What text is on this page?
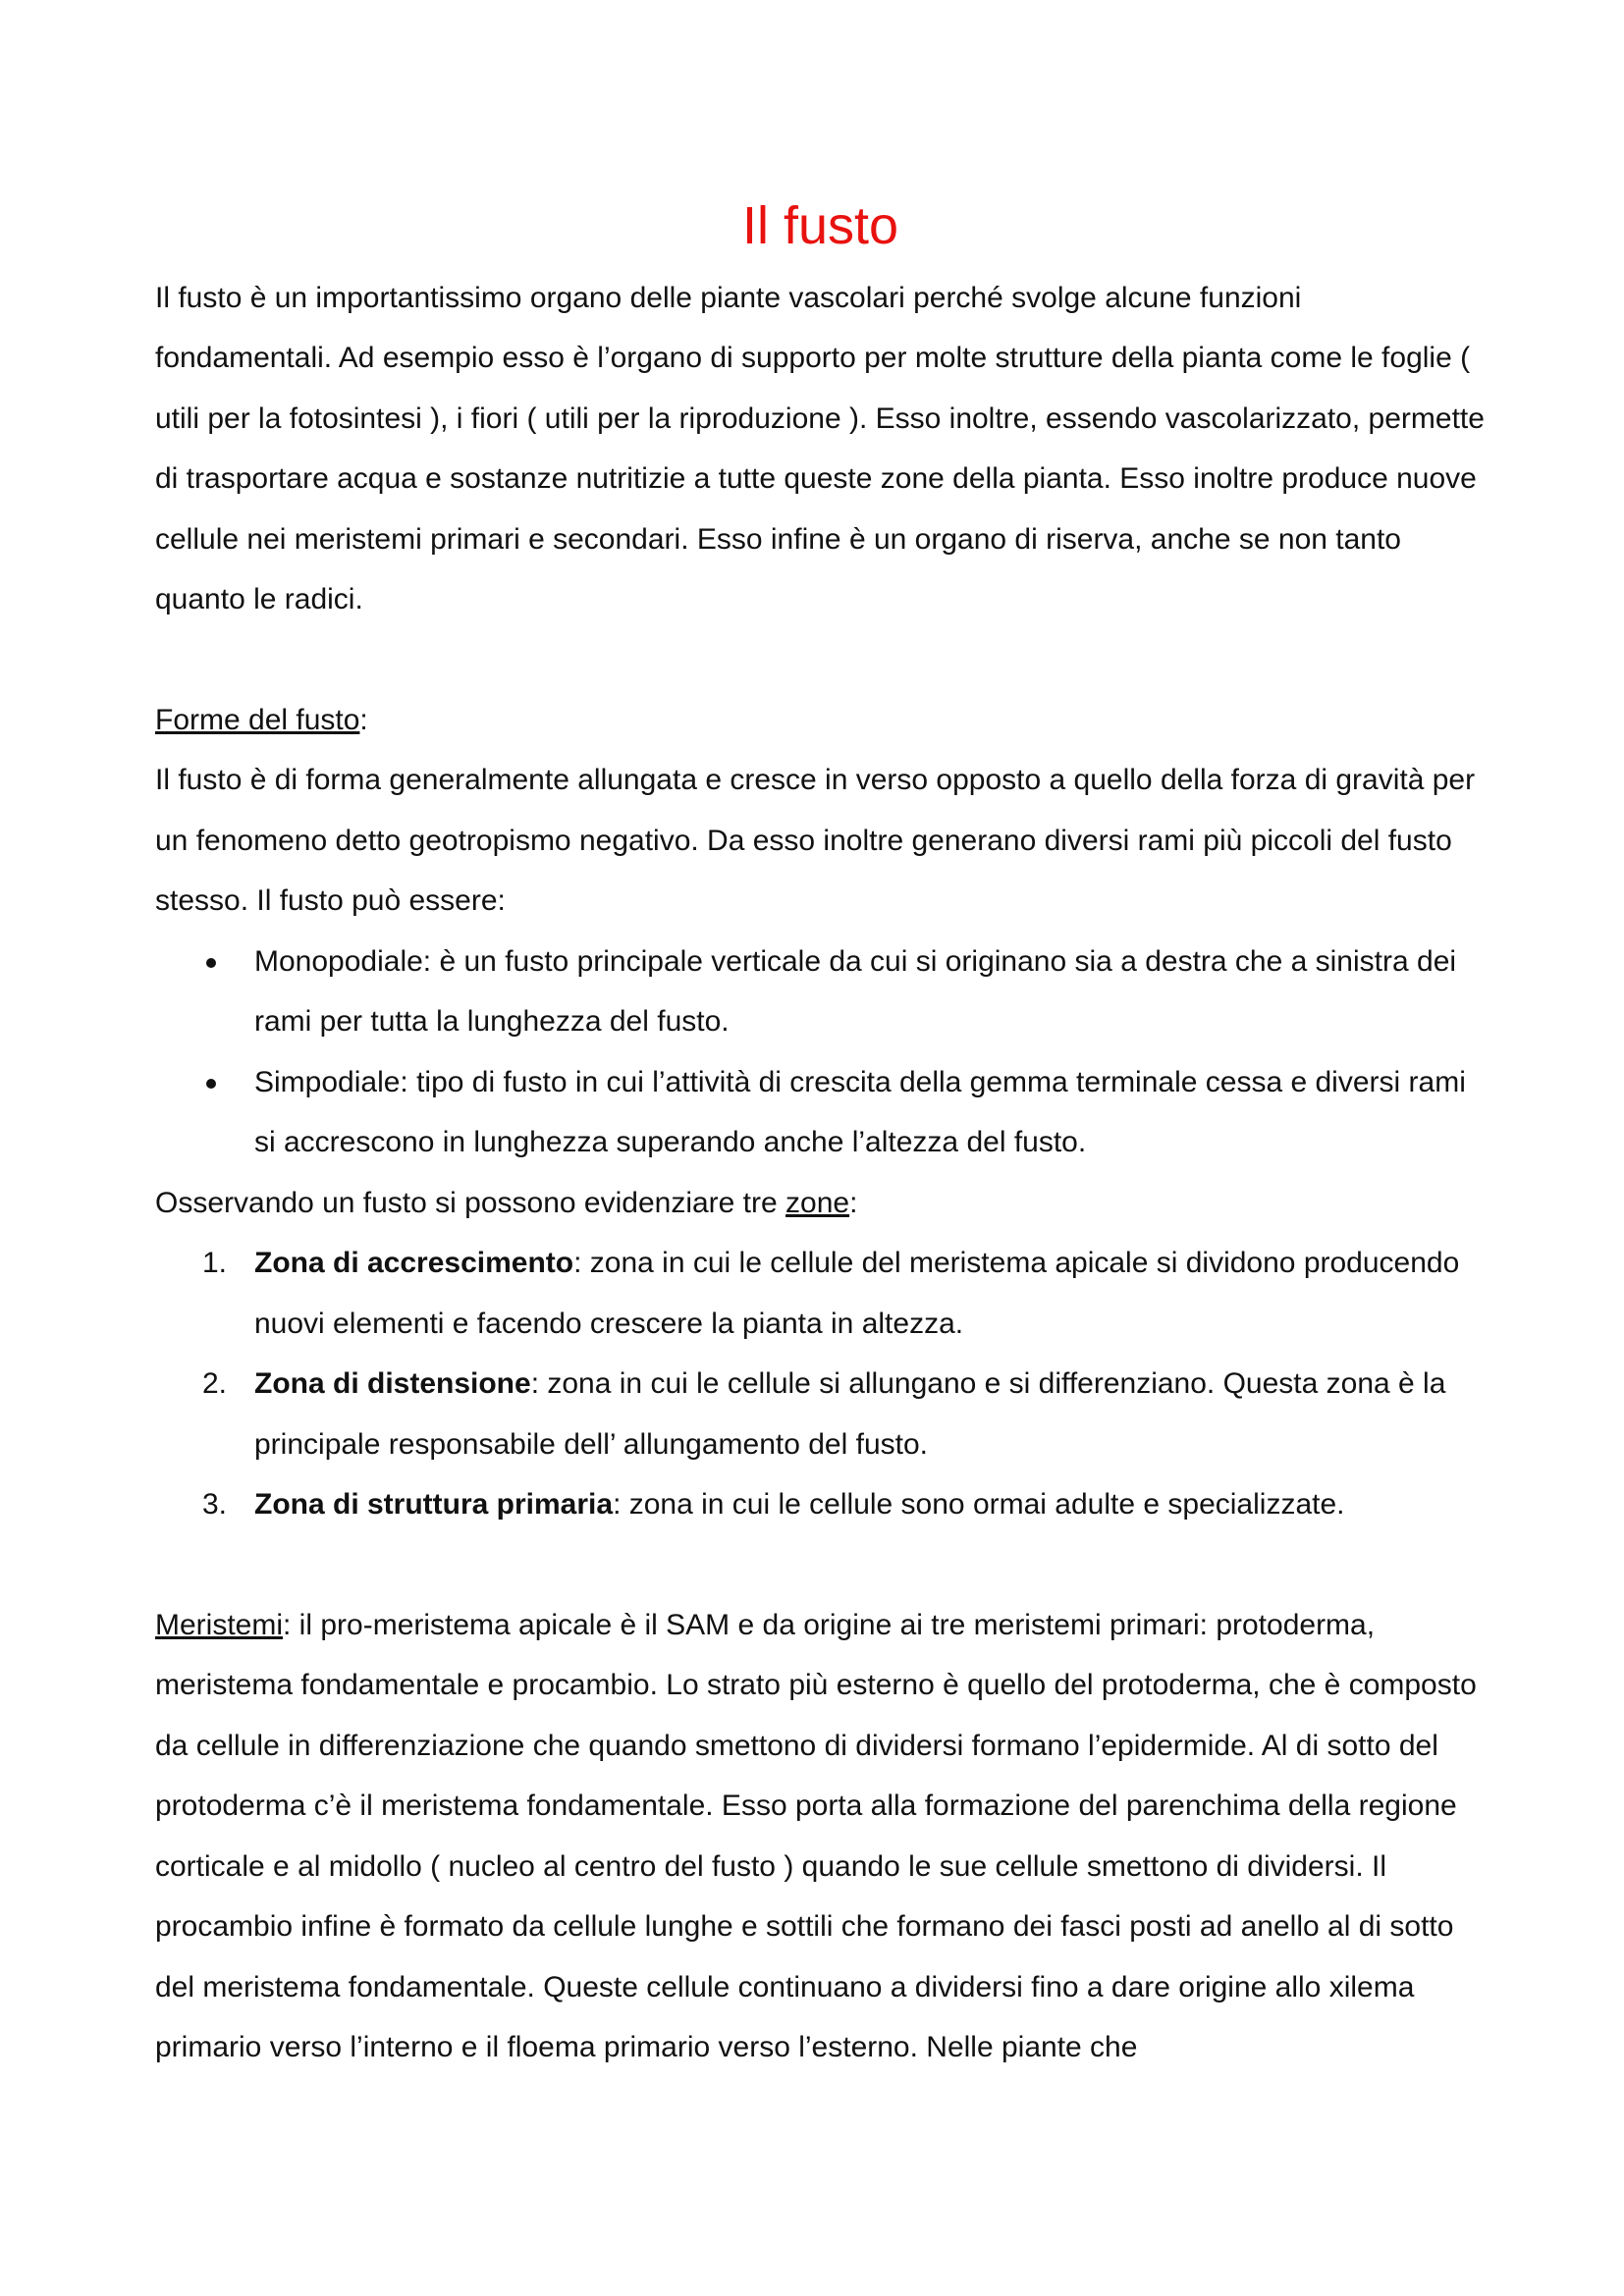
Il fusto

Il fusto è un importantissimo organo delle piante vascolari perché svolge alcune funzioni fondamentali. Ad esempio esso è l’organo di supporto per molte strutture della pianta come le foglie ( utili per la fotosintesi ), i fiori ( utili per la riproduzione ). Esso inoltre, essendo vascolarizzato, permette di trasportare acqua e sostanze nutritizie a tutte queste zone della pianta. Esso inoltre produce nuove cellule nei meristemi primari e secondari. Esso infine è un organo di riserva, anche se non tanto quanto le radici.

Forme del fusto:

Il fusto è di forma generalmente allungata e cresce in verso opposto a quello della forza di gravità per un fenomeno detto geotropismo negativo. Da esso inoltre generano diversi rami più piccoli del fusto stesso. Il fusto può essere:

Monopodiale: è un fusto principale verticale da cui si originano sia a destra che a sinistra dei rami per tutta la lunghezza del fusto.
Simpodiale: tipo di fusto in cui l’attività di crescita della gemma terminale cessa e diversi rami si accrescono in lunghezza superando anche l’altezza del fusto.

Osservando un fusto si possono evidenziare tre zone:

1. Zona di accrescimento: zona in cui le cellule del meristema apicale si dividono producendo nuovi elementi e facendo crescere la pianta in altezza.
2. Zona di distensione: zona in cui le cellule si allungano e si differenziano. Questa zona è la principale responsabile dell’ allungamento del fusto.
3. Zona di struttura primaria: zona in cui le cellule sono ormai adulte e specializzate.

Meristemi: il pro-meristema apicale è il SAM e da origine ai tre meristemi primari: protoderma, meristema fondamentale e procambio. Lo strato più esterno è quello del protoderma, che è composto da cellule in differenziazione che quando smettono di dividersi formano l’epidermide. Al di sotto del protoderma c’è il meristema fondamentale. Esso porta alla formazione del parenchima della regione corticale e al midollo ( nucleo al centro del fusto ) quando le sue cellule smettono di dividersi. Il procambio infine è formato da cellule lunghe e sottili che formano dei fasci posti ad anello al di sotto del meristema fondamentale. Queste cellule continuano a dividersi fino a dare origine allo xilema primario verso l’interno e il floema primario verso l’esterno. Nelle piante che
